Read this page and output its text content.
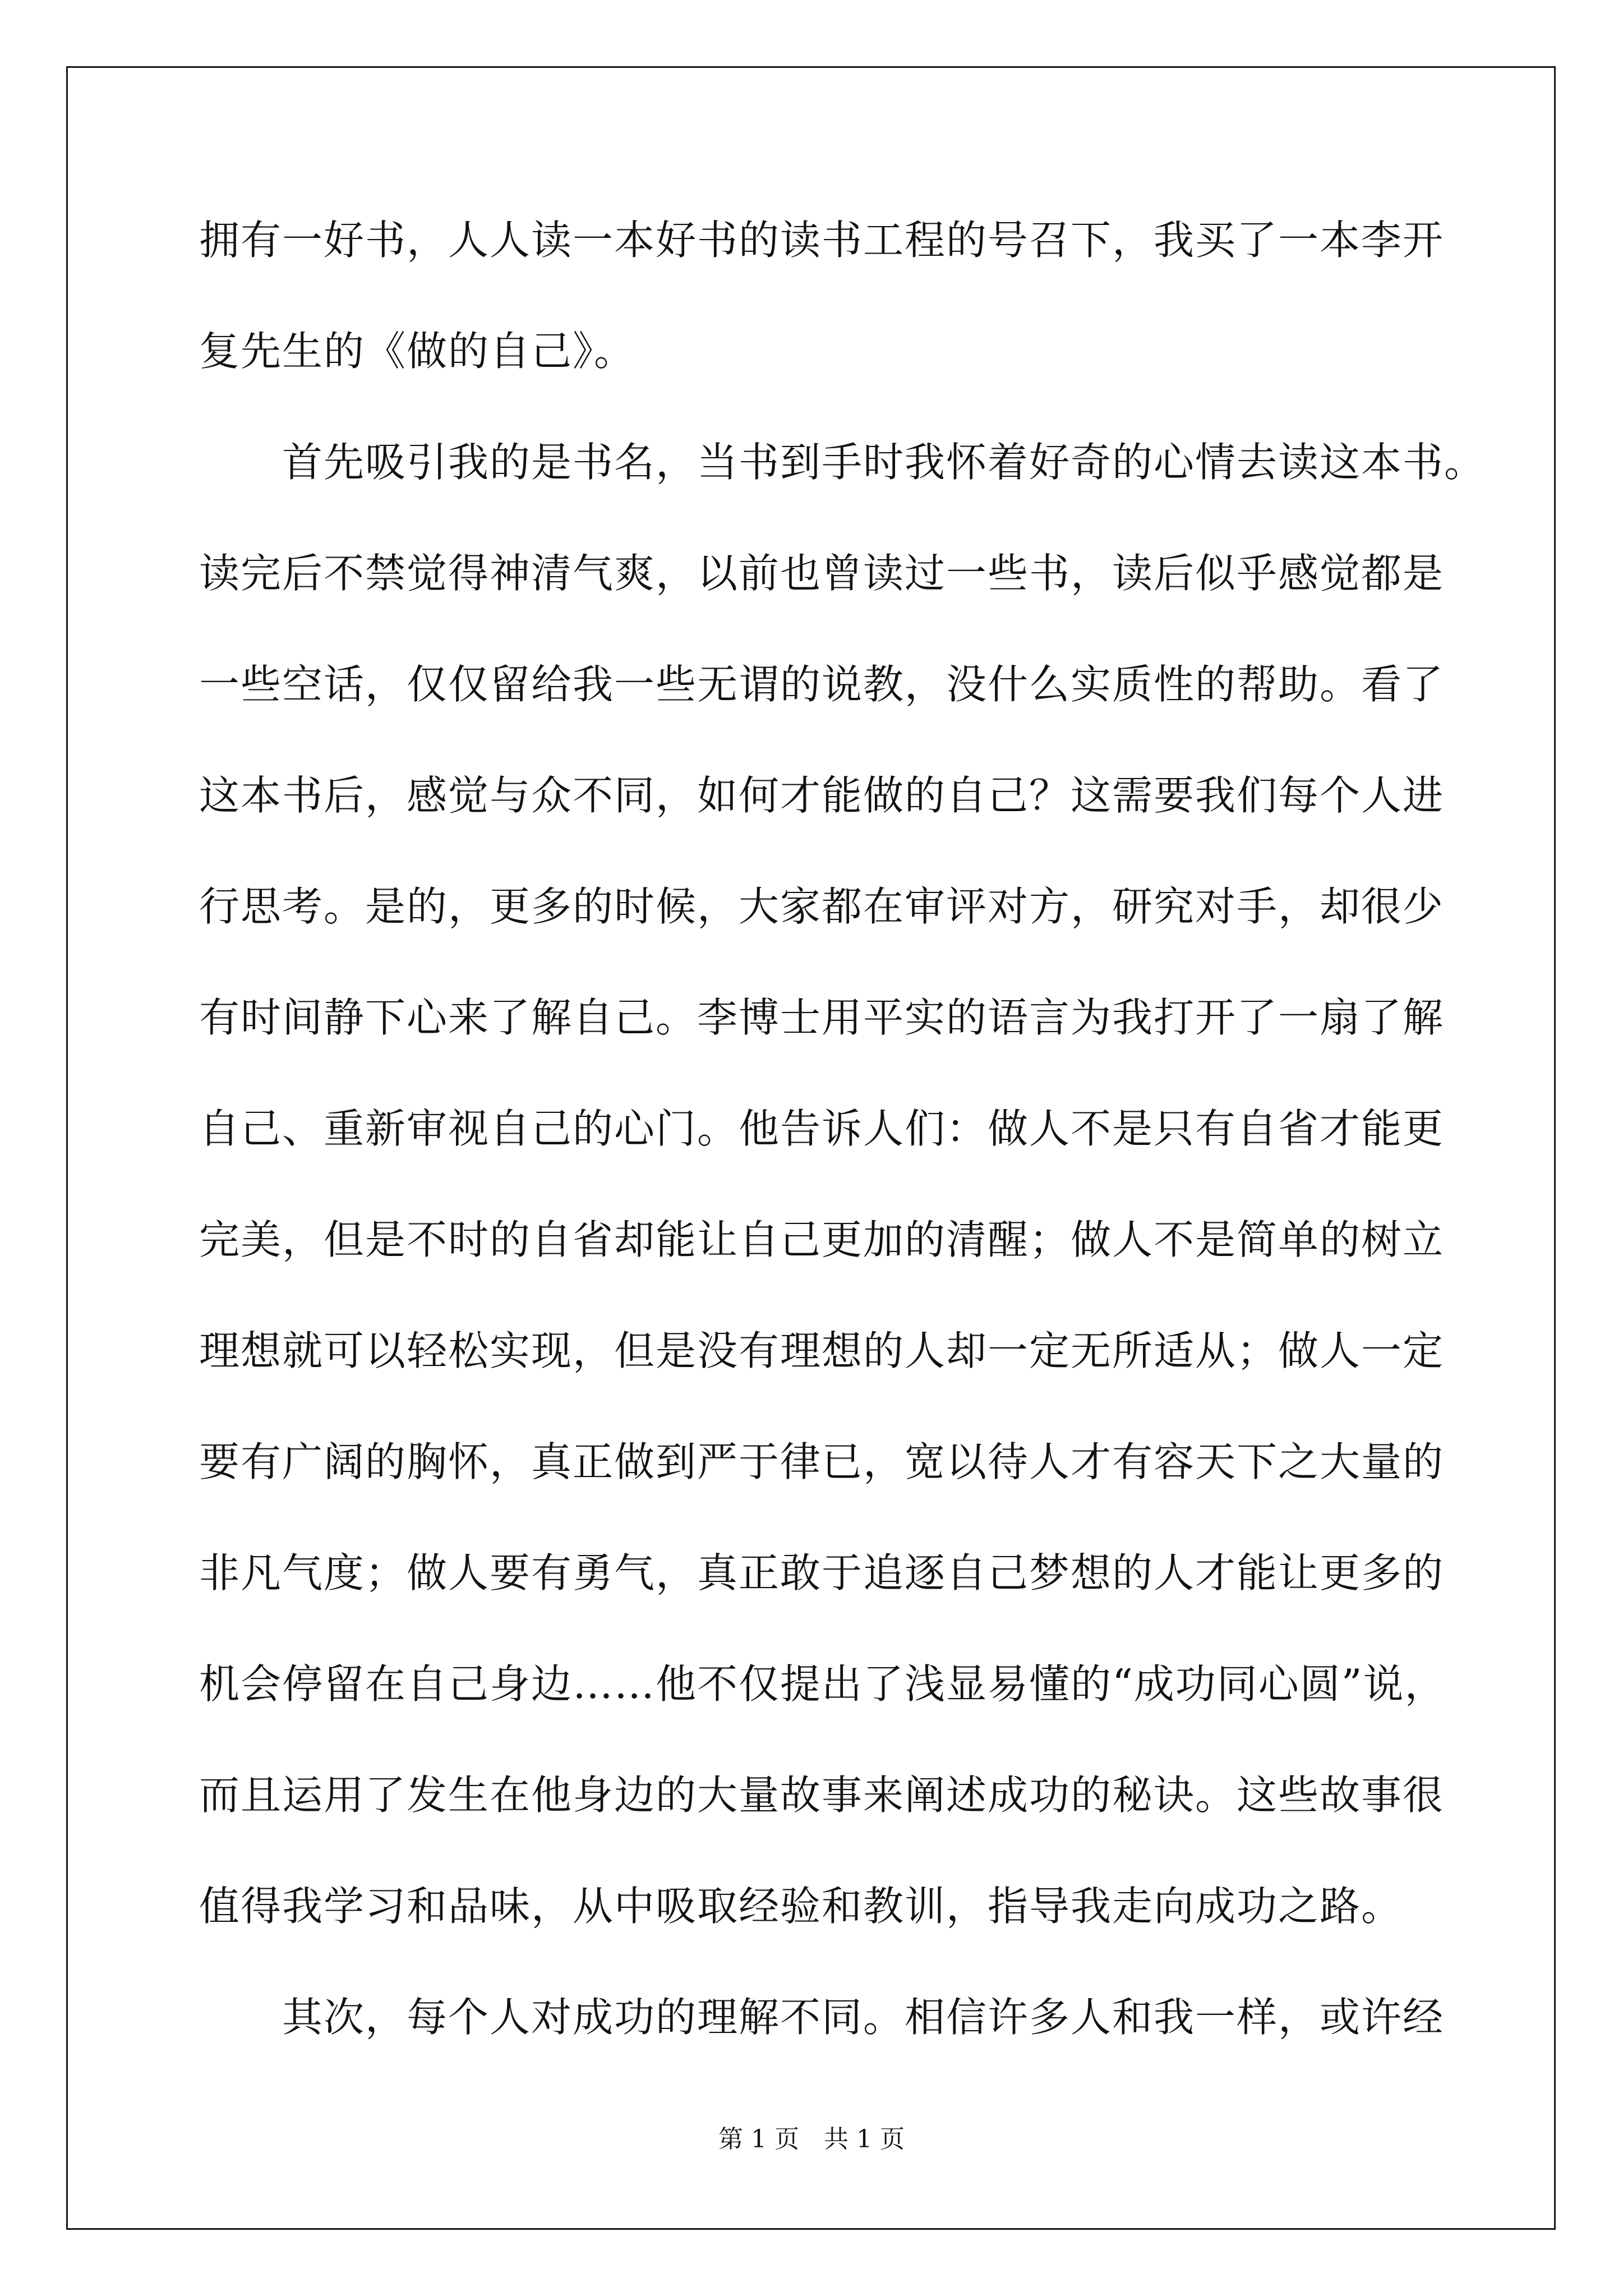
拥有一好书，人人读一本好书的读书工程的号召下，我买了一本李开
复先生的《做的自己》。
　　首先吸引我的是书名，当书到手时我怀着好奇的心情去读这本书。
读完后不禁觉得神清气爽，以前也曾读过一些书，读后似乎感觉都是
一些空话，仅仅留给我一些无谓的说教，没什么实质性的帮助。看了
这本书后，感觉与众不同，如何才能做的自己？这需要我们每个人进
行思考。是的，更多的时候，大家都在审评对方，研究对手，却很少
有时间静下心来了解自己。李博士用平实的语言为我打开了一扇了解
自己、重新审视自己的心门。他告诉人们：做人不是只有自省才能更
完美，但是不时的自省却能让自己更加的清醒；做人不是简单的树立
理想就可以轻松实现，但是没有理想的人却一定无所适从；做人一定
要有广阔的胸怀，真正做到严于律已，宽以待人才有容天下之大量的
非凡气度；做人要有勇气，真正敢于追逐自己梦想的人才能让更多的
机会停留在自己身边……他不仅提出了浅显易懂的“成功同心圆”说，
而且运用了发生在他身边的大量故事来阐述成功的秘诀。这些故事很
值得我学习和品味，从中吸取经验和教训，指导我走向成功之路。
　　其次，每个人对成功的理解不同。相信许多人和我一样，或许经
第 1 页　共 1 页
